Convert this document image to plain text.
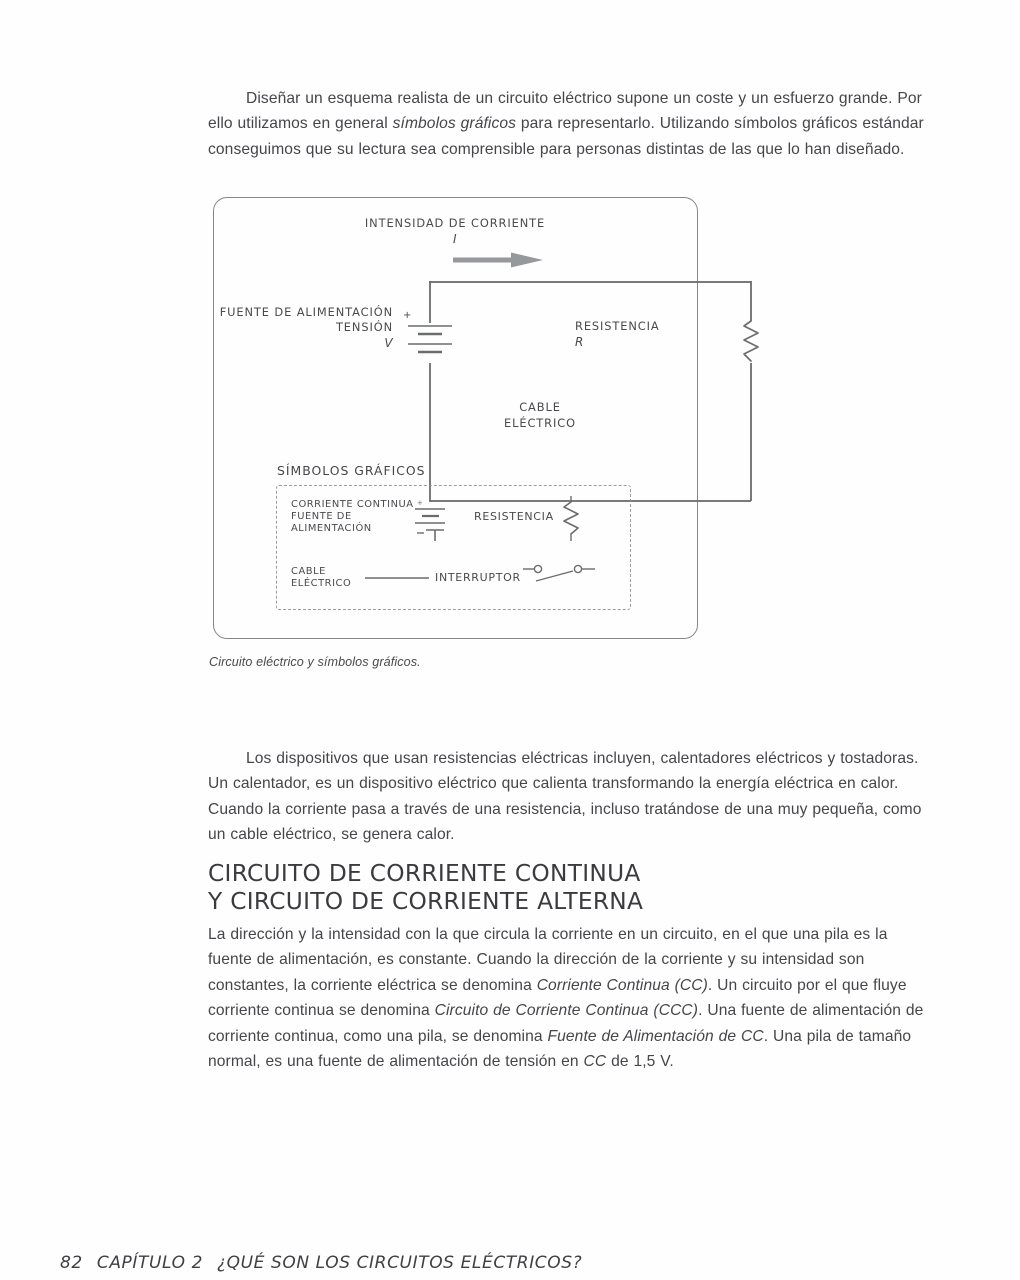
Diseñar un esquema realista de un circuito eléctrico supone un coste y un esfuerzo grande. Por ello utilizamos en general símbolos gráficos para representarlo. Utilizando símbolos gráficos estándar conseguimos que su lectura sea comprensible para personas distintas de las que lo han diseñado.

INTENSIDAD DE CORRIENTE
I
+
FUENTE DE ALIMENTACIÓN
TENSIÓN
V
RESISTENCIA
R
CABLE
ELÉCTRICO
SÍMBOLOS GRÁFICOS
CORRIENTE CONTINUA
FUENTE DE
ALIMENTACIÓN
+
RESISTENCIA
CABLE
ELÉCTRICO	INTERRUPTOR
Circuito eléctrico y símbolos gráficos.

Los dispositivos que usan resistencias eléctricas incluyen, calentadores eléctricos y tostadoras. Un calentador, es un dispositivo eléctrico que calienta transformando la energía eléctrica en calor. Cuando la corriente pasa a través de una resistencia, incluso tratándose de una muy pequeña, como un cable eléctrico, se genera calor.

CIRCUITO DE CORRIENTE CONTINUA
Y CIRCUITO DE CORRIENTE ALTERNA

La dirección y la intensidad con la que circula la corriente en un circuito, en el que una pila es la fuente de alimentación, es constante. Cuando la dirección de la corriente y su intensidad son constantes, la corriente eléctrica se denomina Corriente Continua (CC). Un circuito por el que fluye corriente continua se denomina Circuito de Corriente Continua (CCC). Una fuente de alimentación de corriente continua, como una pila, se denomina Fuente de Alimentación de CC. Una pila de tamaño normal, es una fuente de alimentación de tensión en CC de 1,5 V.

82 CAPÍTULO 2 ¿QUÉ SON LOS CIRCUITOS ELÉCTRICOS?
